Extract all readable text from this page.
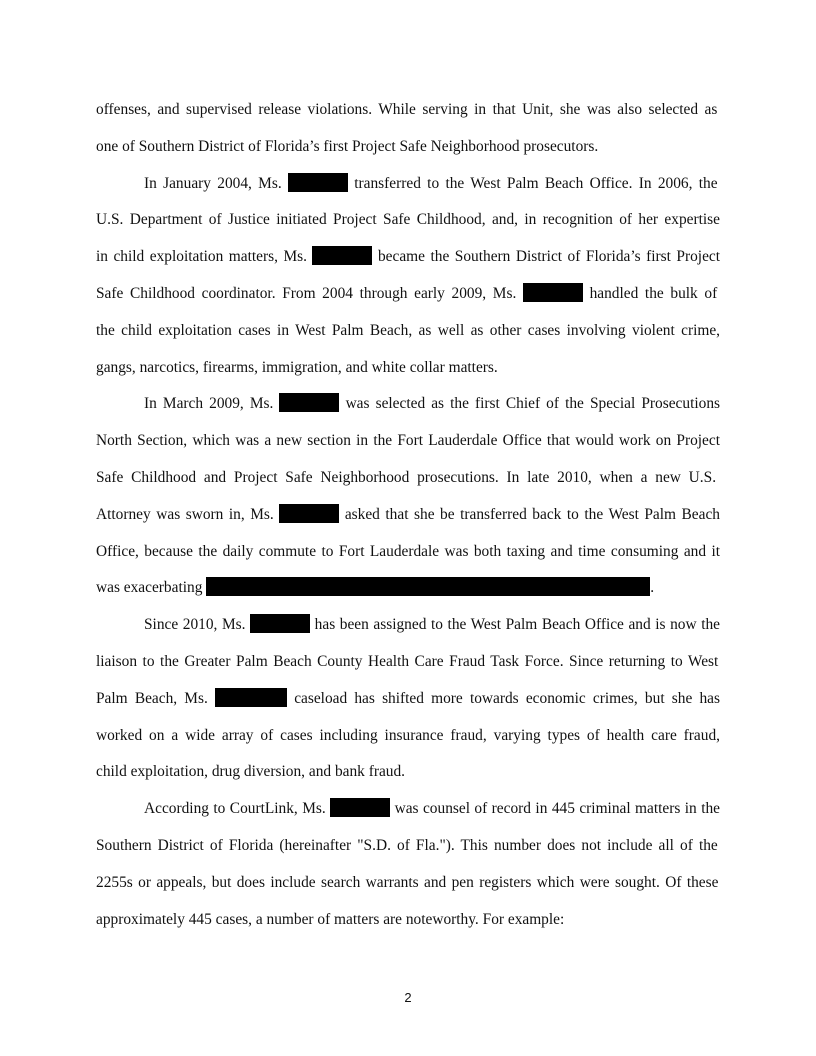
offenses, and supervised release violations. While serving in that Unit, she was also selected as
one of Southern District of Florida’s first Project Safe Neighborhood prosecutors.
In January 2004, Ms.	transferred to the West Palm Beach Office. In 2006, the
U.S. Department of Justice initiated Project Safe Childhood, and, in recognition of her expertise
in child exploitation matters, Ms.	became the Southern District of Florida’s first Project
Safe Childhood coordinator. From 2004 through early 2009, Ms.	handled the bulk of
the child exploitation cases in West Palm Beach, as well as other cases involving violent crime,
gangs, narcotics, firearms, immigration, and white collar matters.
In March 2009, Ms.	was selected as the first Chief of the Special Prosecutions
North Section, which was a new section in the Fort Lauderdale Office that would work on Project
Safe Childhood and Project Safe Neighborhood prosecutions. In late 2010, when a new U.S.
Attorney was sworn in, Ms.	asked that she be transferred back to the West Palm Beach
Office, because the daily commute to Fort Lauderdale was both taxing and time consuming and it
was exacerbating	.
Since 2010, Ms.	has been assigned to the West Palm Beach Office and is now the
liaison to the Greater Palm Beach County Health Care Fraud Task Force. Since returning to West
Palm Beach, Ms.	caseload has shifted more towards economic crimes, but she has
worked on a wide array of cases including insurance fraud, varying types of health care fraud,
child exploitation, drug diversion, and bank fraud.
According to CourtLink, Ms.	was counsel of record in 445 criminal matters in the
Southern District of Florida (hereinafter "S.D. of Fla."). This number does not include all of the
2255s or appeals, but does include search warrants and pen registers which were sought. Of these
approximately 445 cases, a number of matters are noteworthy. For example:
2
